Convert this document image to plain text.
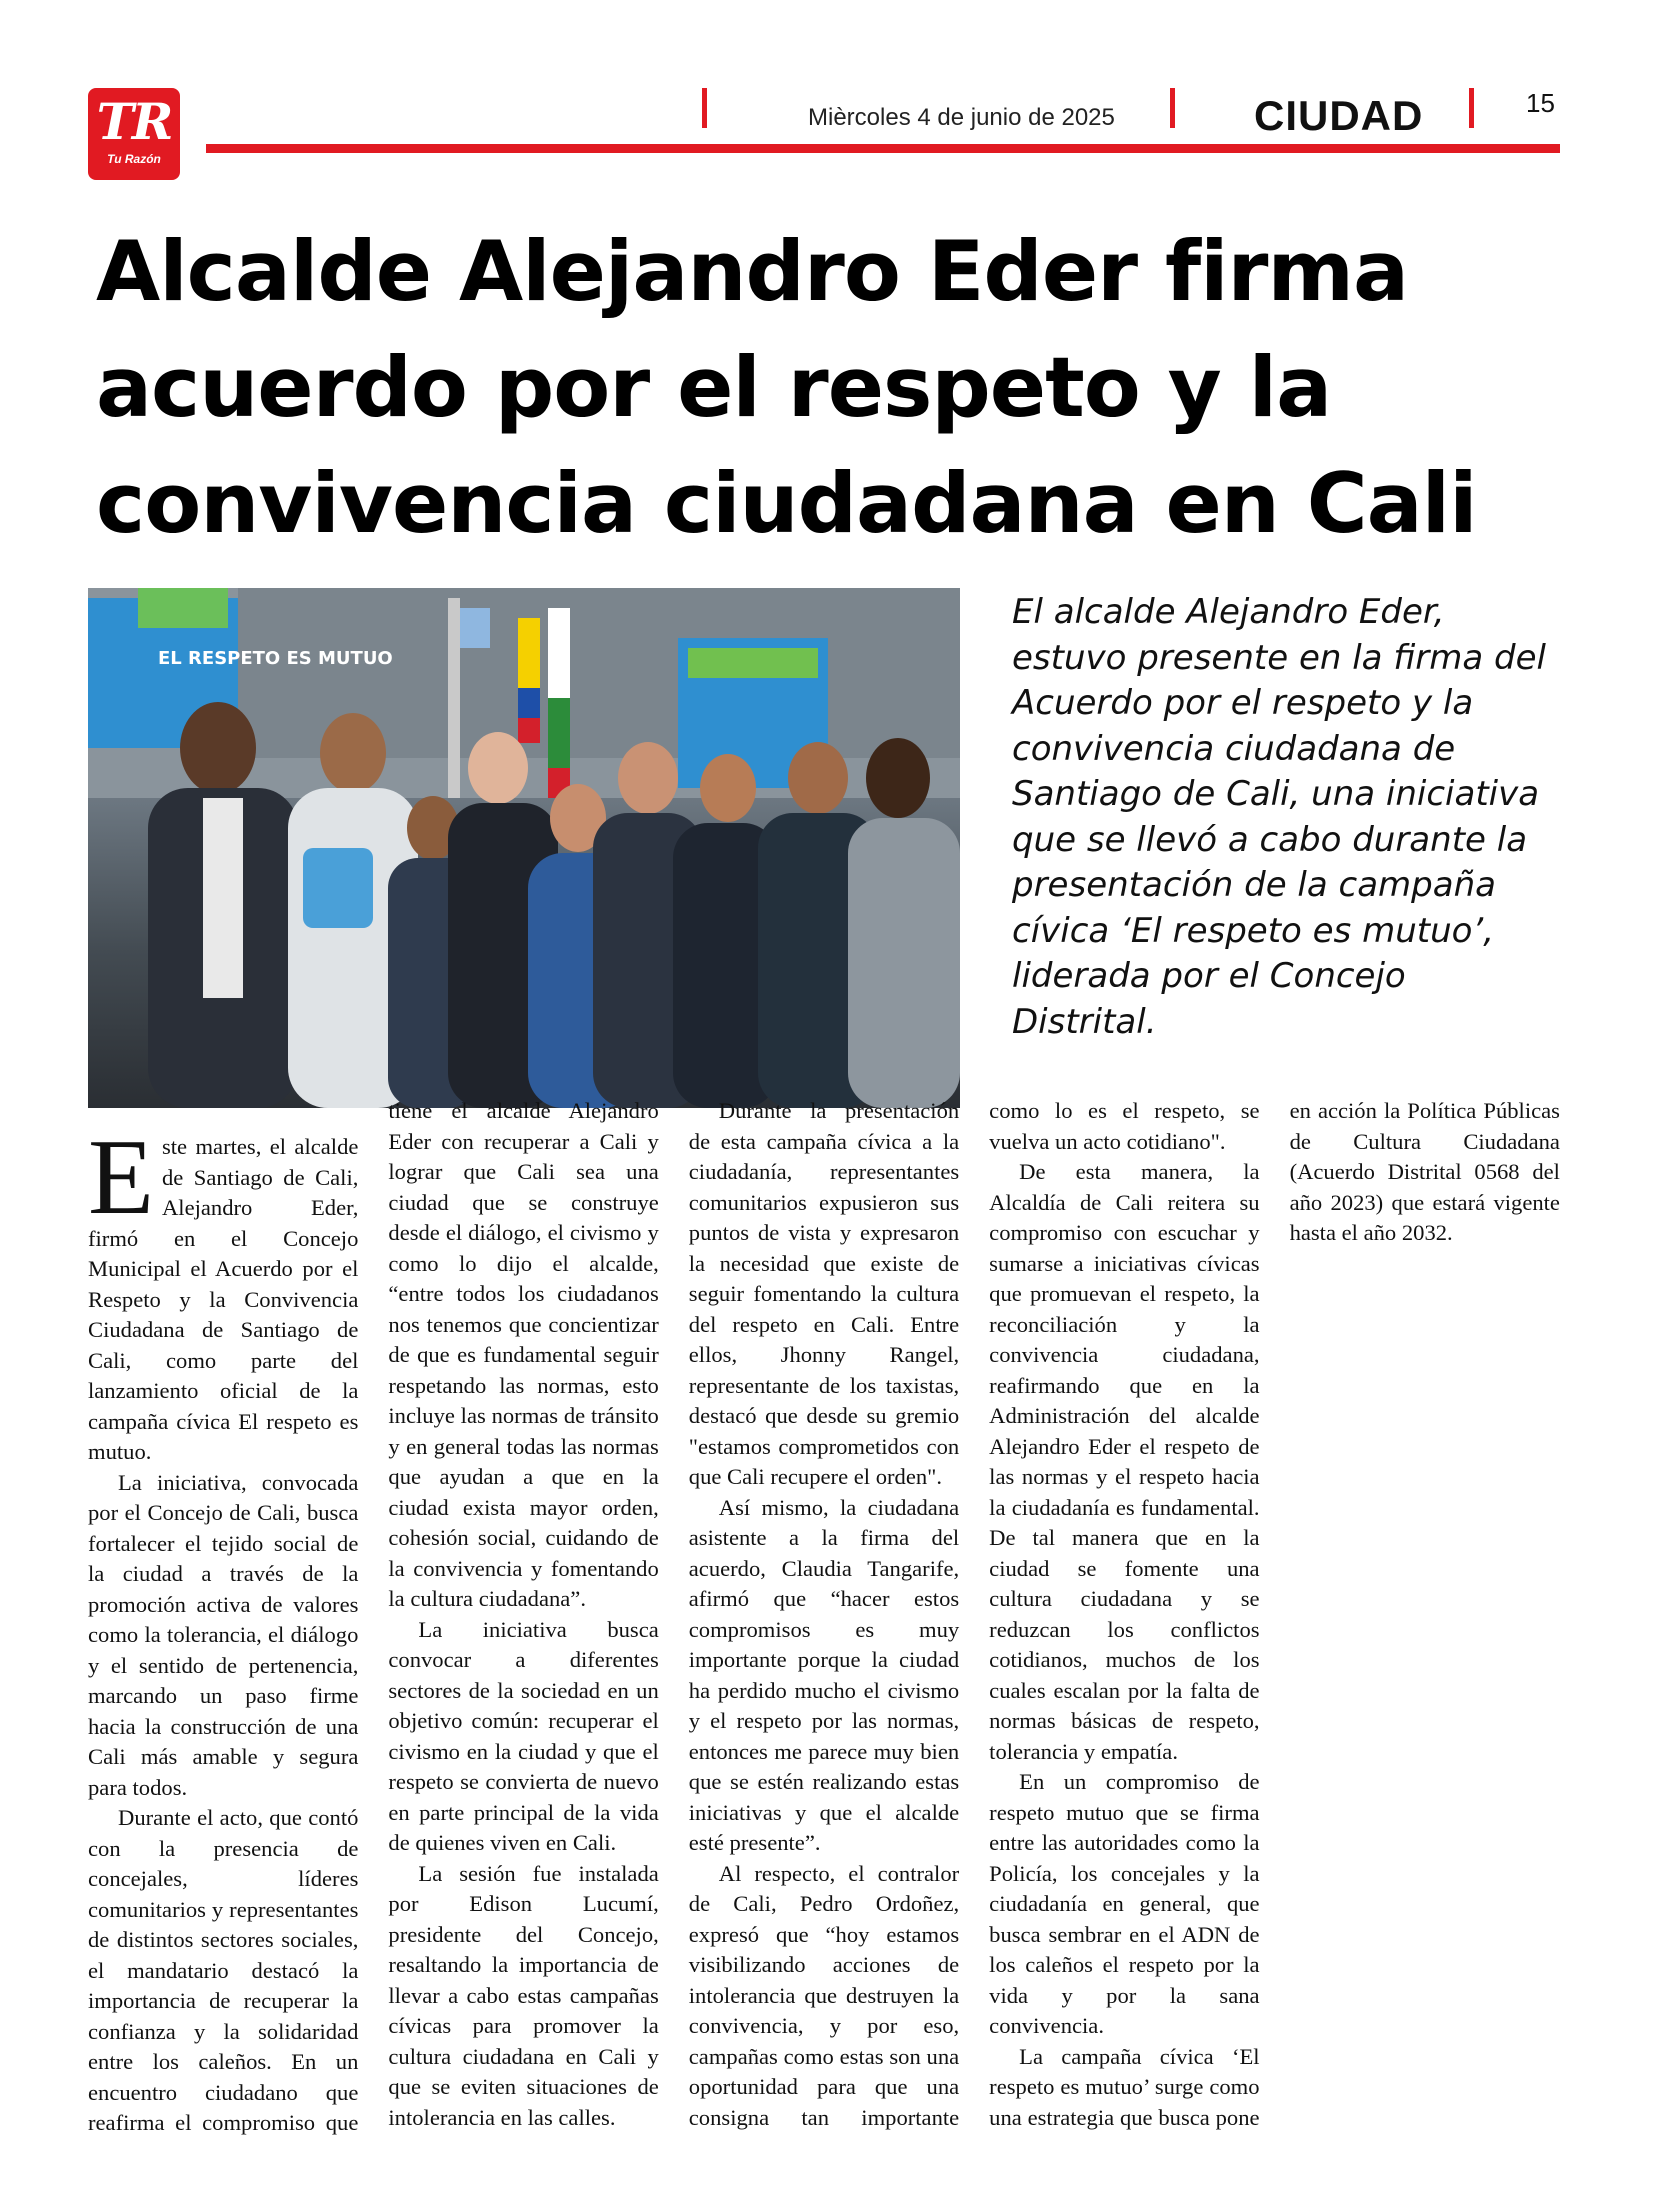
TR
Tu Razón
Mièrcoles 4 de junio de 2025	CIUDAD	15
Alcalde Alejandro Eder firma acuerdo por el respeto y la convivencia ciudadana en Cali
EL RESPETO ES MUTUO

El alcalde Alejandro Eder, estuvo presente en la firma del Acuerdo por el respeto y la convivencia ciudadana de Santiago de Cali, una iniciativa que se llevó a cabo durante la presentación de la campaña cívica ‘El respeto es mutuo’, liderada por el Concejo Distrital.

Este martes, el alcalde de Santiago de Cali, Alejandro Eder, firmó en el Concejo Municipal el Acuerdo por el Respeto y la Convivencia Ciudadana de Santiago de Cali, como parte del lanzamiento oficial de la campaña cívica El respeto es mutuo.

La iniciativa, convocada por el Concejo de Cali, busca fortalecer el tejido social de la ciudad a través de la promoción activa de valores como la tolerancia, el diálogo y el sentido de pertenencia, marcando un paso firme hacia la construcción de una Cali más amable y segura para todos.

Durante el acto, que contó con la presencia de concejales, líderes comunitarios y representantes de distintos sectores sociales, el mandatario destacó la importancia de recuperar la confianza y la solidaridad entre los caleños. En un encuentro ciudadano que reafirma el compromiso que tiene el alcalde Alejandro Eder con recuperar a Cali y lograr que Cali sea una ciudad que se construye desde el diálogo, el civismo y como lo dijo el alcalde, “entre todos los ciudadanos nos tenemos que concientizar de que es fundamental seguir respetando las normas, esto incluye las normas de tránsito y en general todas las normas que ayudan a que en la ciudad exista mayor orden, cohesión social, cuidando de la convivencia y fomentando la cultura ciudadana”.

La iniciativa busca convocar a diferentes sectores de la sociedad en un objetivo común: recuperar el civismo en la ciudad y que el respeto se convierta de nuevo en parte principal de la vida de quienes viven en Cali.

La sesión fue instalada por Edison Lucumí, presidente del Concejo, resaltando la importancia de llevar a cabo estas campañas cívicas para promover la cultura ciudadana en Cali y que se eviten situaciones de intolerancia en las calles.

Durante la presentación de esta campaña cívica a la ciudadanía, representantes comunitarios expusieron sus puntos de vista y expresaron la necesidad que existe de seguir fomentando la cultura del respeto en Cali. Entre ellos, Jhonny Rangel, representante de los taxistas, destacó que desde su gremio "estamos comprometidos con que Cali recupere el orden".

Así mismo, la ciudadana asistente a la firma del acuerdo, Claudia Tangarife, afirmó que “hacer estos compromisos es muy importante porque la ciudad ha perdido mucho el civismo y el respeto por las normas, entonces me parece muy bien que se estén realizando estas iniciativas y que el alcalde esté presente”.

Al respecto, el contralor de Cali, Pedro Ordoñez, expresó que “hoy estamos visibilizando acciones de intolerancia que destruyen la convivencia, y por eso, campañas como estas son una oportunidad para que una consigna tan importante como lo es el respeto, se vuelva un acto cotidiano".

De esta manera, la Alcaldía de Cali reitera su compromiso con escuchar y sumarse a iniciativas cívicas que promuevan el respeto, la reconciliación y la convivencia ciudadana, reafirmando que en la Administración del alcalde Alejandro Eder el respeto de las normas y el respeto hacia la ciudadanía es fundamental. De tal manera que en la ciudad se fomente una cultura ciudadana y se reduzcan los conflictos cotidianos, muchos de los cuales escalan por la falta de normas básicas de respeto, tolerancia y empatía.

En un compromiso de respeto mutuo que se firma entre las autoridades como la Policía, los concejales y la ciudadanía en general, que busca sembrar en el ADN de los caleños el respeto por la vida y por la sana convivencia.

La campaña cívica ‘El respeto es mutuo’ surge como una estrategia que busca pone en acción la Política Públicas de Cultura Ciudadana (Acuerdo Distrital 0568 del año 2023) que estará vigente hasta el año 2032.
